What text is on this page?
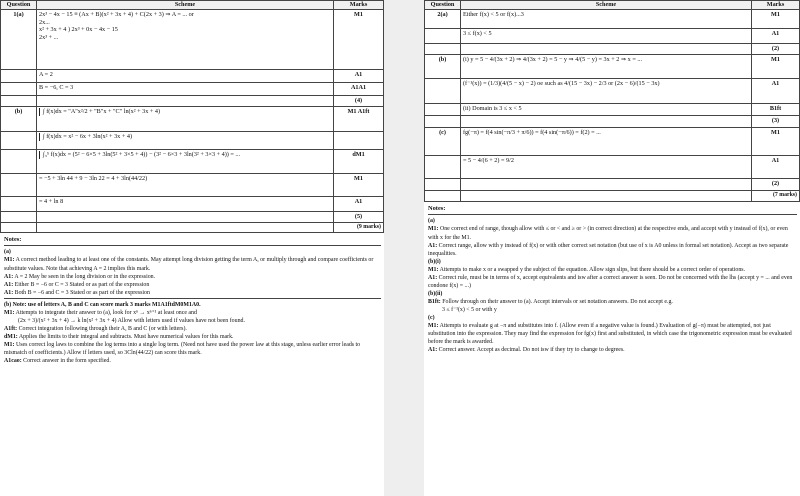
Question	Scheme	Marks
1(a)	2x³ − 4x − 15 ≡ (Ax + B)(x² + 3x + 4) + C(2x + 3) ⇒ A = ... or
2x...
x² + 3x + 4 ) 2x³ + 0x − 4x − 15
2x³ + ...	M1

	A = 2	A1

	B = −6, C = 3	A1A1

	(4)
(b)	∫ f(x)dx = "A"x²/2 + "B"x + "C" ln(x² + 3x + 4)	M1 A1ft

	∫ f(x)dx = x² − 6x + 3ln(x² + 3x + 4)	

	∫₃⁵ f(x)dx = (5² − 6×5 + 3ln(5² + 3×5 + 4)) − (3² − 6×3 + 3ln(3² + 3×3 + 4)) = ...	dM1

	= −5 + 3ln 44 + 9 − 3ln 22 = 4 + 3ln(44/22)	M1

	= 4 + ln 8	A1

	(5)

	(9 marks)
Notes:

(a)

M1: A correct method leading to at least one of the constants. May attempt long division getting the term A, or multiply through and compare coefficients or substitute values. Note that achieving A = 2 implies this mark.

A1: A = 2 May be seen in the long division or in the expression.

A1: Either B = −6 or C = 3 Stated or as part of the expression

A1: Both B = −6 and C = 3 Stated or as part of the expression

(b) Note: use of letters A, B and C can score mark 3 marks M1A1ftdM0M1A0.

M1: Attempts to integrate their answer to (a), look for xⁿ → xⁿ⁺¹ at least once and

(2x + 3)/(x² + 3x + 4) → k ln(x² + 3x + 4) Allow with letters used if values have not been found.

A1ft: Correct integration following through their A, B and C (or with letters).

dM1: Applies the limits to their integral and subtracts. Must have numerical values for this mark.

M1: Uses correct log laws to combine the log terms into a single log term. (Need not have used the power law at this stage, unless earlier error leads to mismatch of coefficients.) Allow if letters used, so 3Cln(44/22) can score this mark.

A1cao: Correct answer in the form specified.

Question	Scheme	Marks
2(a)	Either f(x) < 5 or f(x)...3	M1

	3 ≤ f(x) < 5	A1

	(2)
(b)	(i) y = 5 − 4/(3x + 2) ⇒ 4/(3x + 2) = 5 − y ⇒ 4/(5 − y) = 3x + 2 ⇒ x = ...	M1

	(f⁻¹(x)) = (1/3)(4/(5 − x) − 2) oe such as 4/(15 − 3x) − 2/3 or (2x − 6)/(15 − 3x)	A1

	(ii) Domain is 3 ≤ x < 5	B1ft

	(3)
(c)	fg(−π) = f(4 sin(−π/3 + π/6)) = f(4 sin(−π/6)) = f(2) = ...	M1

	= 5 − 4/(6 + 2) = 9/2	A1

	(2)

	(7 marks)
Notes:

(a)

M1: One correct end of range, though allow with ≤ or < and ≥ or > (in correct direction) at the respective ends, and accept with y instead of f(x), or even with x for the M1.

A1: Correct range, allow with y instead of f(x) or with other correct set notation (but use of x is A0 unless in formal set notation). Accept as two separate inequalities.

(b)(i)

M1: Attempts to make x or a swapped y the subject of the equation. Allow sign slips, but there should be a correct order of operations.

A1: Correct rule, must be in terms of x, accept equivalents and isw after a correct answer is seen. Do not be concerned with the lhs (accept y = ... and even condone f(x) = ...)

(b)(ii)

B1ft: Follow through on their answer to (a). Accept intervals or set notation answers. Do not accept e.g.

3 ≤ f⁻¹(x) < 5 or with y

(c)

M1: Attempts to evaluate g at −π and substitutes into f. (Allow even if a negative value is found.) Evaluation of g(−π) must be attempted, not just substitution into the expression. They may find the expression for fg(x) first and substituted, in which case the trigonometric expression must be evaluated before the mark is awarded.

A1: Correct answer. Accept as decimal. Do not isw if they try to change to degrees.
